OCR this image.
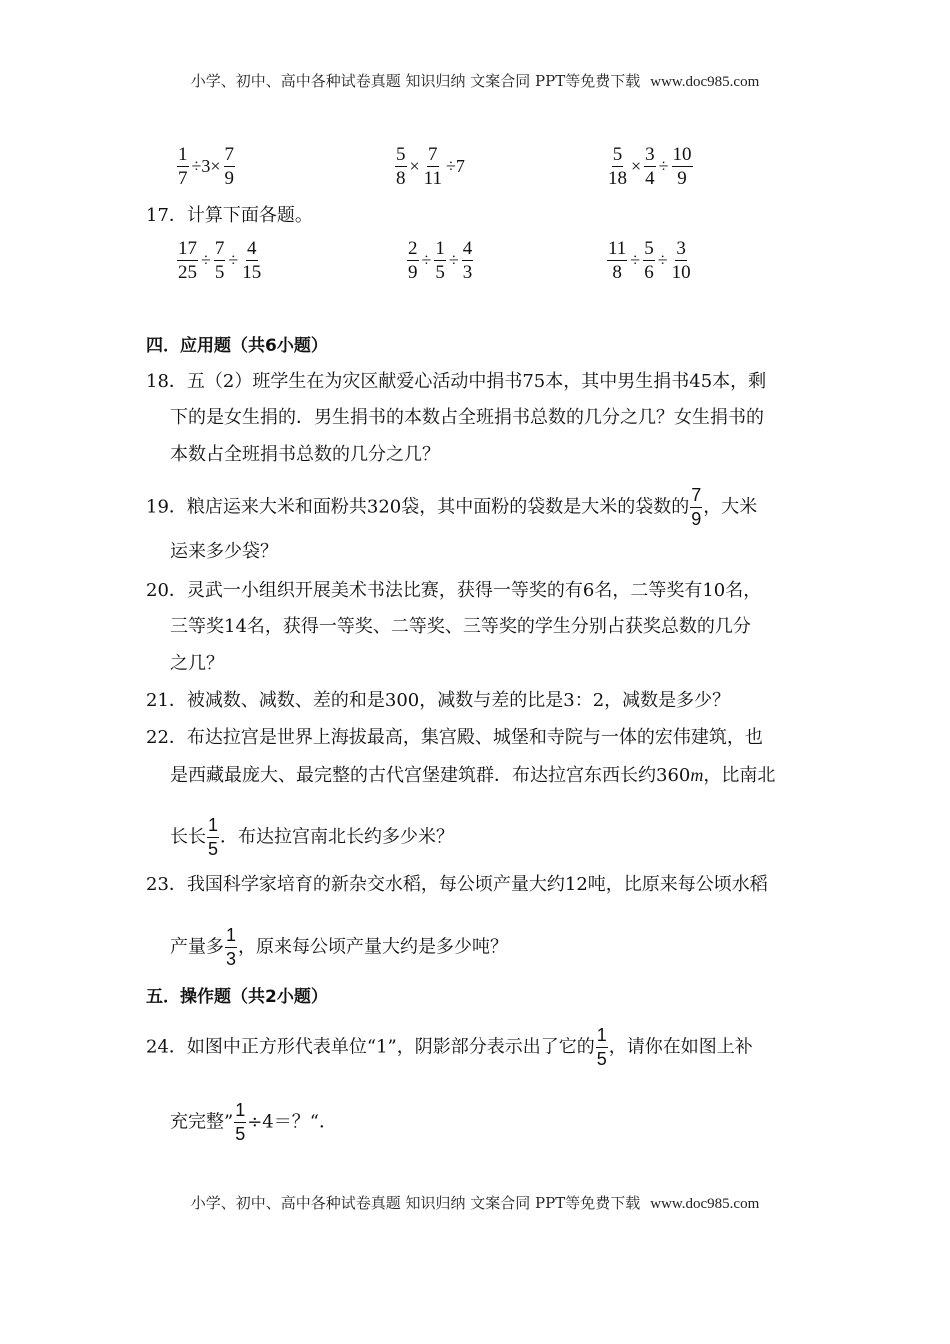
小学、初中、高中各种试卷真题 知识归纳 文案合同 PPT等免费下载 www.doc985.com
$\frac{1}{7} \div 3\times \frac{7}{9}$	$\frac{5}{8} \times \frac{7}{11} \div 7$	$\frac{5}{18} \times \frac{3}{4} \div \frac{10}{9}$
17．计算下面各题。
$\frac{17}{25} \div \frac{7}{5} \div \frac{4}{15}$	$\frac{2}{9} \div \frac{1}{5} \div \frac{4}{3}$	$\frac{11}{8} \div \frac{5}{6} \div \frac{3}{10}$
四．应用题（共6小题）
18．五（2）班学生在为灾区献爱心活动中捐书75本，其中男生捐书45本，剩
下的是女生捐的．男生捐书的本数占全班捐书总数的几分之几？女生捐书的
本数占全班捐书总数的几分之几？
19．粮店运来大米和面粉共320袋，其中面粉的袋数是大米的袋数的 $\frac{7}{9}$ ，大米
运来多少袋？
20．灵武一小组织开展美术书法比赛，获得一等奖的有6名，二等奖有10名，
三等奖14名，获得一等奖、二等奖、三等奖的学生分别占获奖总数的几分
之几？
21．被减数、减数、差的和是300，减数与差的比是3：2，减数是多少？
22．布达拉宫是世界上海拔最高，集宫殿、城堡和寺院与一体的宏伟建筑，也
是西藏最庞大、最完整的古代宫堡建筑群．布达拉宫东西长约360m，比南北
长长 $\frac{1}{5}$ ．布达拉宫南北长约多少米？
23．我国科学家培育的新杂交水稻，每公顷产量大约12吨，比原来每公顷水稻
产量多 $\frac{1}{3}$ ，原来每公顷产量大约是多少吨？
五．操作题（共2小题）
24．如图中正方形代表单位“1”，阴影部分表示出了它的 $\frac{1}{5}$ ，请你在如图上补
充完整” $\frac{1}{5} \div 4=$？“．
小学、初中、高中各种试卷真题 知识归纳 文案合同 PPT等免费下载 www.doc985.com
